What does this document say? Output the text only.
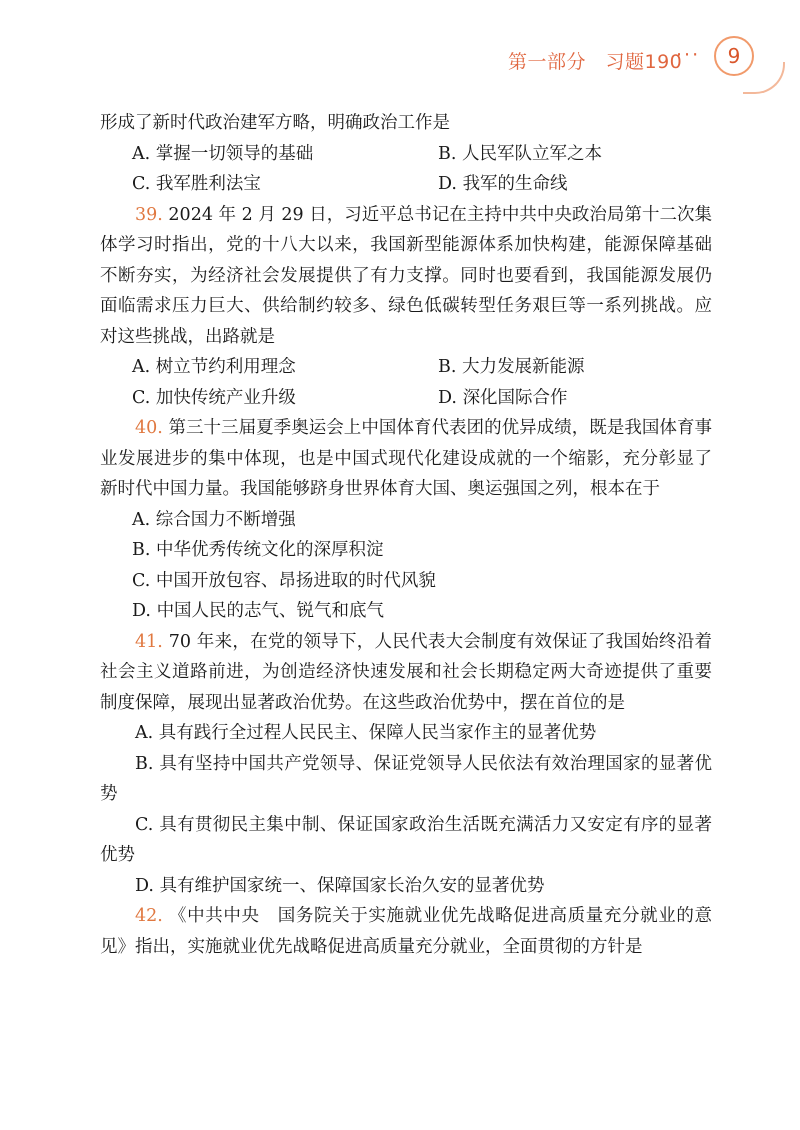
第一部分　习题190
···	9

形成了新时代政治建军方略，明确政治工作是

A. 掌握一切领导的基础	B. 人民军队立军之本
C. 我军胜利法宝	D. 我军的生命线

39. 2024 年 2 月 29 日，习近平总书记在主持中共中央政治局第十二次集体学习时指出，党的十八大以来，我国新型能源体系加快构建，能源保障基础不断夯实，为经济社会发展提供了有力支撑。同时也要看到，我国能源发展仍面临需求压力巨大、供给制约较多、绿色低碳转型任务艰巨等一系列挑战。应对这些挑战，出路就是

A. 树立节约利用理念	B. 大力发展新能源
C. 加快传统产业升级	D. 深化国际合作

40. 第三十三届夏季奥运会上中国体育代表团的优异成绩，既是我国体育事业发展进步的集中体现，也是中国式现代化建设成就的一个缩影，充分彰显了新时代中国力量。我国能够跻身世界体育大国、奥运强国之列，根本在于

A. 综合国力不断增强

B. 中华优秀传统文化的深厚积淀

C. 中国开放包容、昂扬进取的时代风貌

D. 中国人民的志气、锐气和底气

41. 70 年来，在党的领导下，人民代表大会制度有效保证了我国始终沿着社会主义道路前进，为创造经济快速发展和社会长期稳定两大奇迹提供了重要制度保障，展现出显著政治优势。在这些政治优势中，摆在首位的是

A. 具有践行全过程人民民主、保障人民当家作主的显著优势

B. 具有坚持中国共产党领导、保证党领导人民依法有效治理国家的显著优势

C. 具有贯彻民主集中制、保证国家政治生活既充满活力又安定有序的显著优势

D. 具有维护国家统一、保障国家长治久安的显著优势

42. 《中共中央　国务院关于实施就业优先战略促进高质量充分就业的意见》指出，实施就业优先战略促进高质量充分就业，全面贯彻的方针是
